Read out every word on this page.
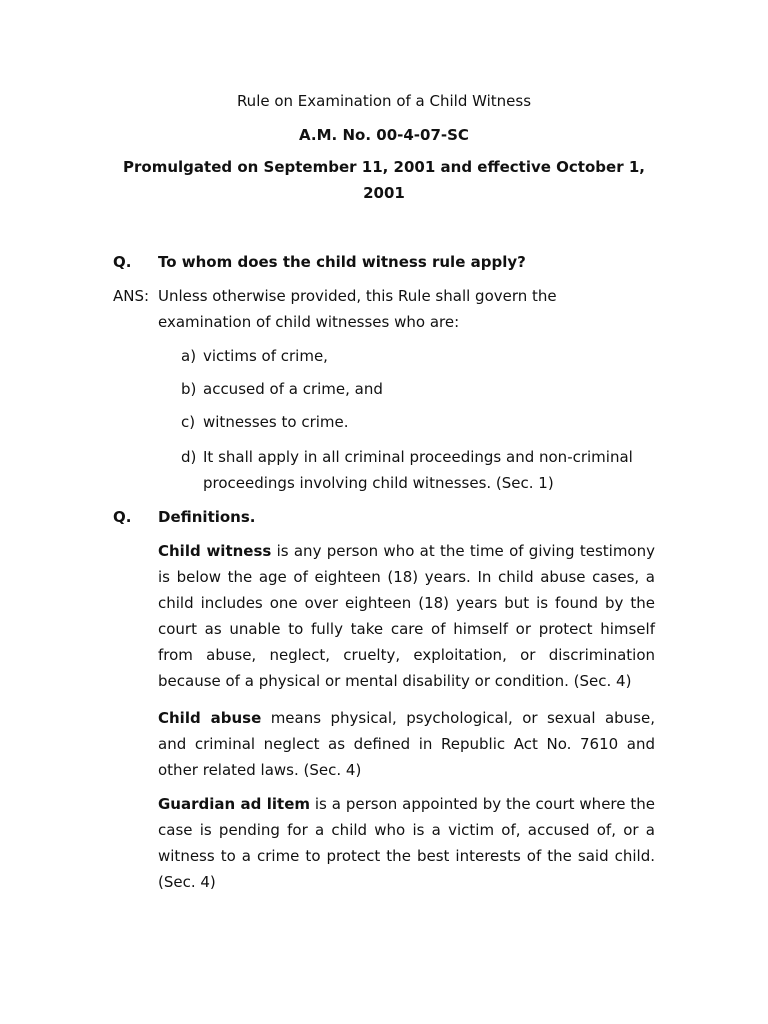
Rule on Examination of a Child Witness
A.M. No. 00-4-07-SC
Promulgated on September 11, 2001 and effective October 1, 2001
Q. To whom does the child witness rule apply?
ANS: Unless otherwise provided, this Rule shall govern the examination of child witnesses who are:
a) victims of crime,
b) accused of a crime, and
c) witnesses to crime.
d) It shall apply in all criminal proceedings and non-criminal proceedings involving child witnesses. (Sec. 1)
Q. Definitions.
Child witness is any person who at the time of giving testimony is below the age of eighteen (18) years. In child abuse cases, a child includes one over eighteen (18) years but is found by the court as unable to fully take care of himself or protect himself from abuse, neglect, cruelty, exploitation, or discrimination because of a physical or mental disability or condition. (Sec. 4)
Child abuse means physical, psychological, or sexual abuse, and criminal neglect as defined in Republic Act No. 7610 and other related laws. (Sec. 4)
Guardian ad litem is a person appointed by the court where the case is pending for a child who is a victim of, accused of, or a witness to a crime to protect the best interests of the said child. (Sec. 4)
